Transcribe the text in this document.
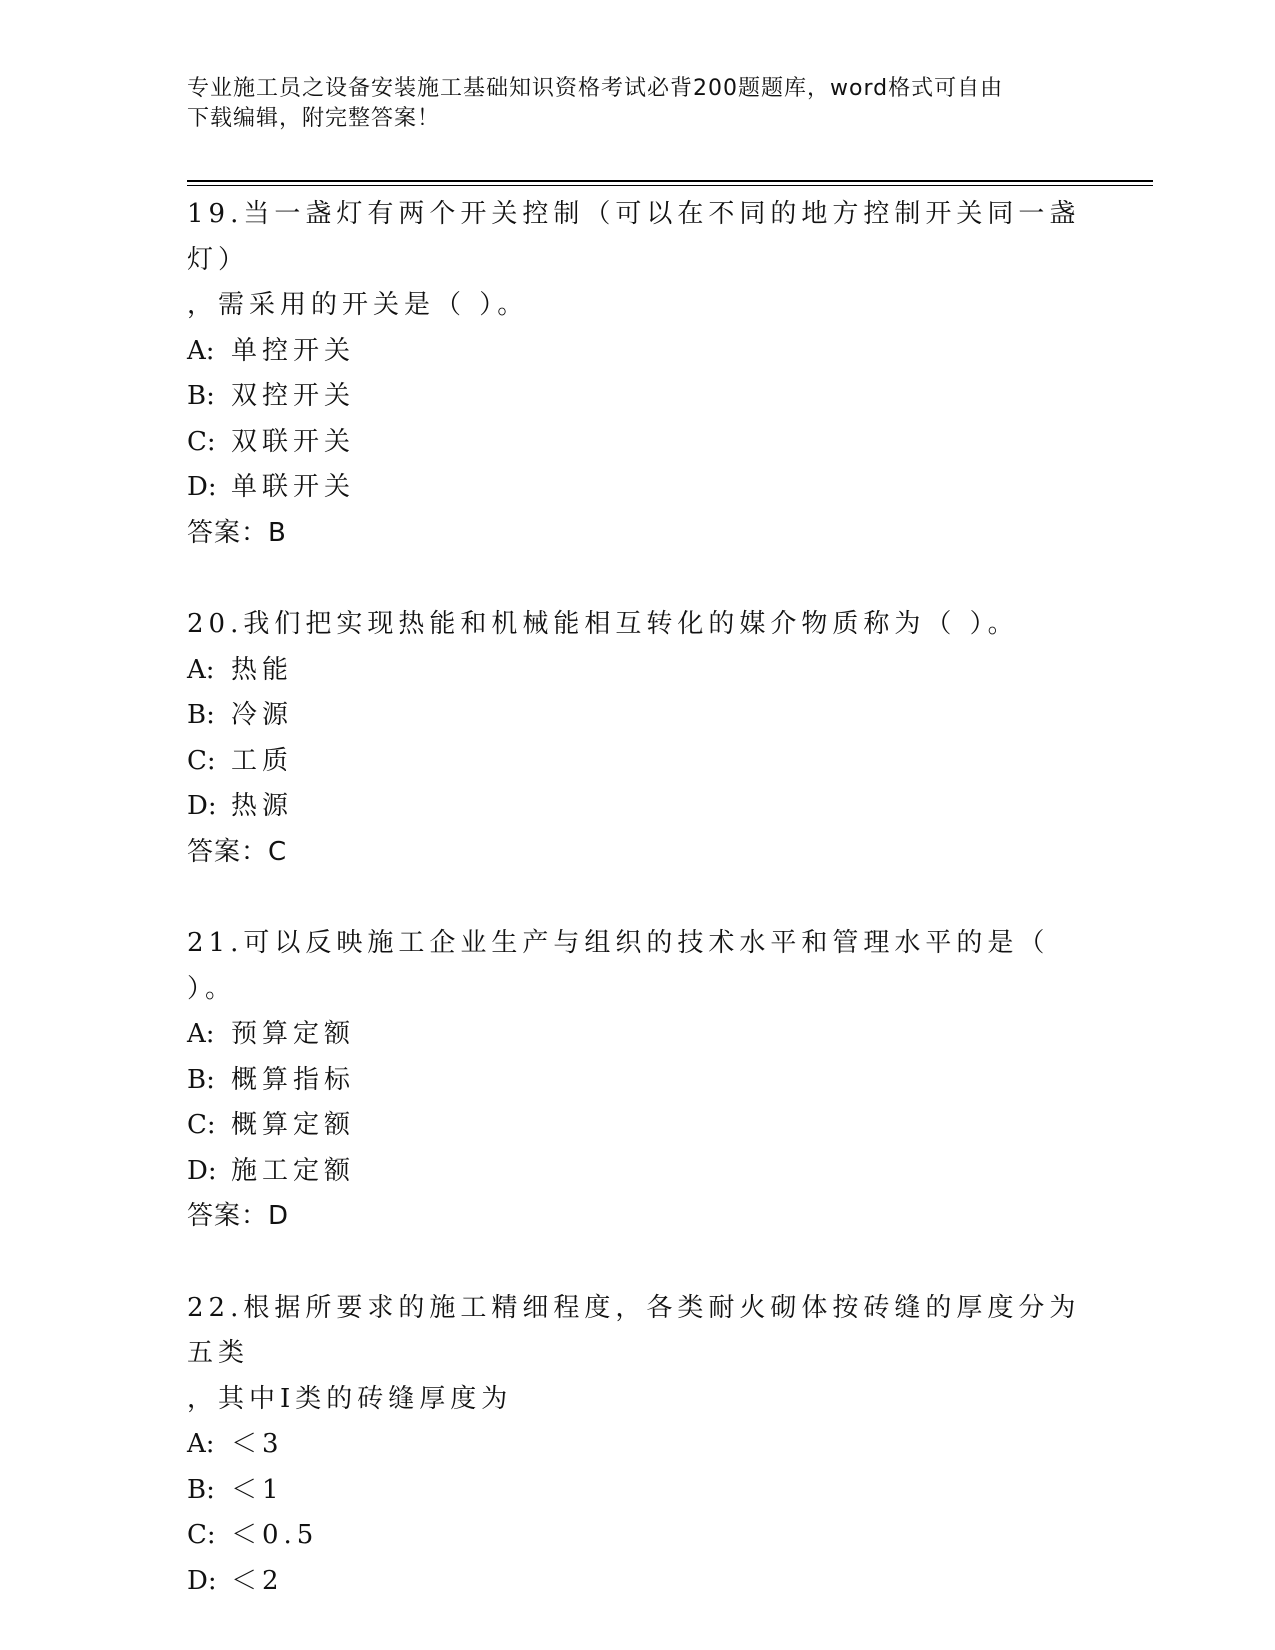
专业施工员之设备安装施工基础知识资格考试必背200题题库，word格式可自由
下载编辑，附完整答案！
19.当一盏灯有两个开关控制（可以在不同的地方控制开关同一盏灯）
，需采用的开关是（ ）。
A: 单控开关
B: 双控开关
C: 双联开关
D: 单联开关
答案：B
20.我们把实现热能和机械能相互转化的媒介物质称为（ ）。
A: 热能
B: 冷源
C: 工质
D: 热源
答案：C
21.可以反映施工企业生产与组织的技术水平和管理水平的是（ ）。
A: 预算定额
B: 概算指标
C: 概算定额
D: 施工定额
答案：D
22.根据所要求的施工精细程度，各类耐火砌体按砖缝的厚度分为五类
，其中Ⅰ类的砖缝厚度为
A: ＜3
B: ＜1
C: ＜0.5
D: ＜2
